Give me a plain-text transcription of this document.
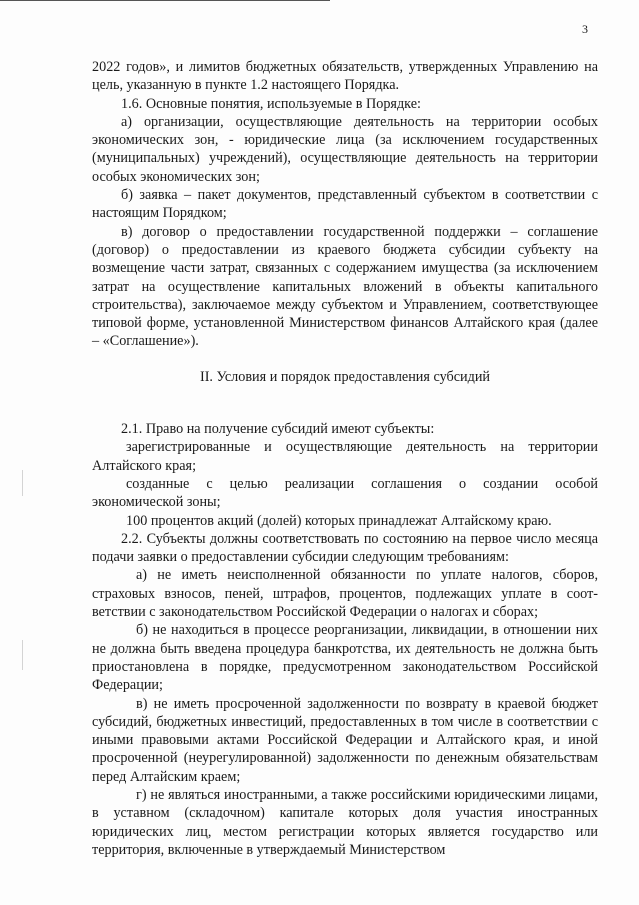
3

2022 годов», и лимитов бюджетных обязательств, утвержденных Управлению на цель, указанную в пункте 1.2 настоящего Порядка.

1.6. Основные понятия, используемые в Порядке:

а) организации, осуществляющие деятельность на территории особых экономических зон, - юридические лица (за исключением государственных (муниципальных) учреждений), осуществляющие деятельность на территории особых экономических зон;

б) заявка – пакет документов, представленный субъектом в соответствии с настоящим Порядком;

в) договор о предоставлении государственной поддержки – соглашение (договор) о предоставлении из краевого бюджета субсидии субъекту на возмещение части затрат, связанных с содержанием имущества (за исключением затрат на осуществление капитальных вложений в объекты капитального строительства), заключаемое между субъектом и Управлением, соответствующее типовой форме, установленной Министерством финансов Алтайского края (далее – «Соглашение»).

II. Условия и порядок предоставления субсидий

2.1. Право на получение субсидий имеют субъекты:

зарегистрированные и осуществляющие деятельность на территории Алтайского края;

созданные с целью реализации соглашения о создании особой экономической зоны;

100 процентов акций (долей) которых принадлежат Алтайскому краю.

2.2. Субъекты должны соответствовать по состоянию на первое число месяца подачи заявки о предоставлении субсидии следующим требованиям:

а) не иметь неисполненной обязанности по уплате налогов, сборов, страховых взносов, пеней, штрафов, процентов, подлежащих уплате в соот-ветствии с законодательством Российской Федерации о налогах и сборах;

б) не находиться в процессе реорганизации, ликвидации, в отношении них не должна быть введена процедура банкротства, их деятельность не должна быть приостановлена в порядке, предусмотренном законодательством Российской Федерации;

в) не иметь просроченной задолженности по возврату в краевой бюджет субсидий, бюджетных инвестиций, предоставленных в том числе в соответствии с иными правовыми актами Российской Федерации и Алтайского края, и иной просроченной (неурегулированной) задолженности по денежным обязательствам перед Алтайским краем;

г) не являться иностранными, а также российскими юридическими лицами, в уставном (складочном) капитале которых доля участия иностранных юридических лиц, местом регистрации которых является государство или территория, включенные в утверждаемый Министерством
